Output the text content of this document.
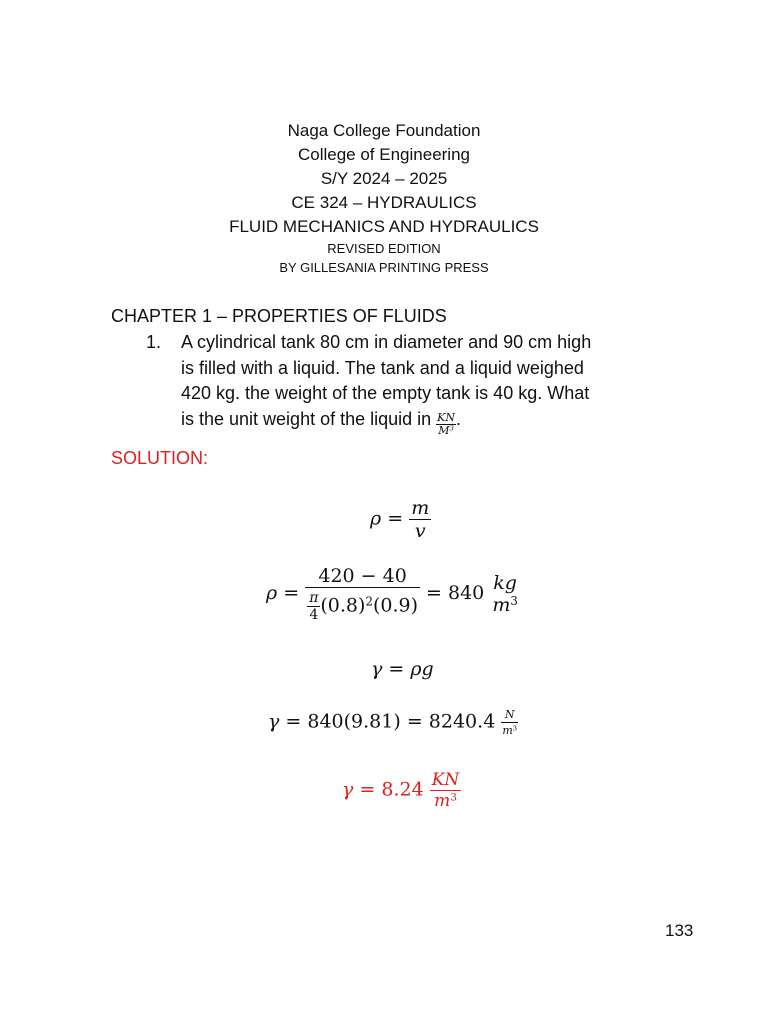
Naga College Foundation
College of Engineering
S/Y 2024 – 2025
CE 324 – HYDRAULICS
FLUID MECHANICS AND HYDRAULICS
REVISED EDITION
BY GILLESANIA PRINTING PRESS
CHAPTER 1 – PROPERTIES OF FLUIDS
1. A cylindrical tank 80 cm in diameter and 90 cm high
is filled with a liquid. The tank and a liquid weighed
420 kg. the weight of the empty tank is 40 kg. What
is the unit weight of the liquid in $\frac{KN}{M^3}$ .
SOLUTION:
$\rho = \frac{m}{v}$
$\rho = \frac{420 - 40}{\frac{\pi}{4} (0.8)^2(0.9)} = 840$ kg
$m^3$
γ = ρg
$\gamma = 840(9.81) = 8240.4 \frac{N}{m^3}$
$\gamma = 8.24 \frac{KN}{m^3}$
133
